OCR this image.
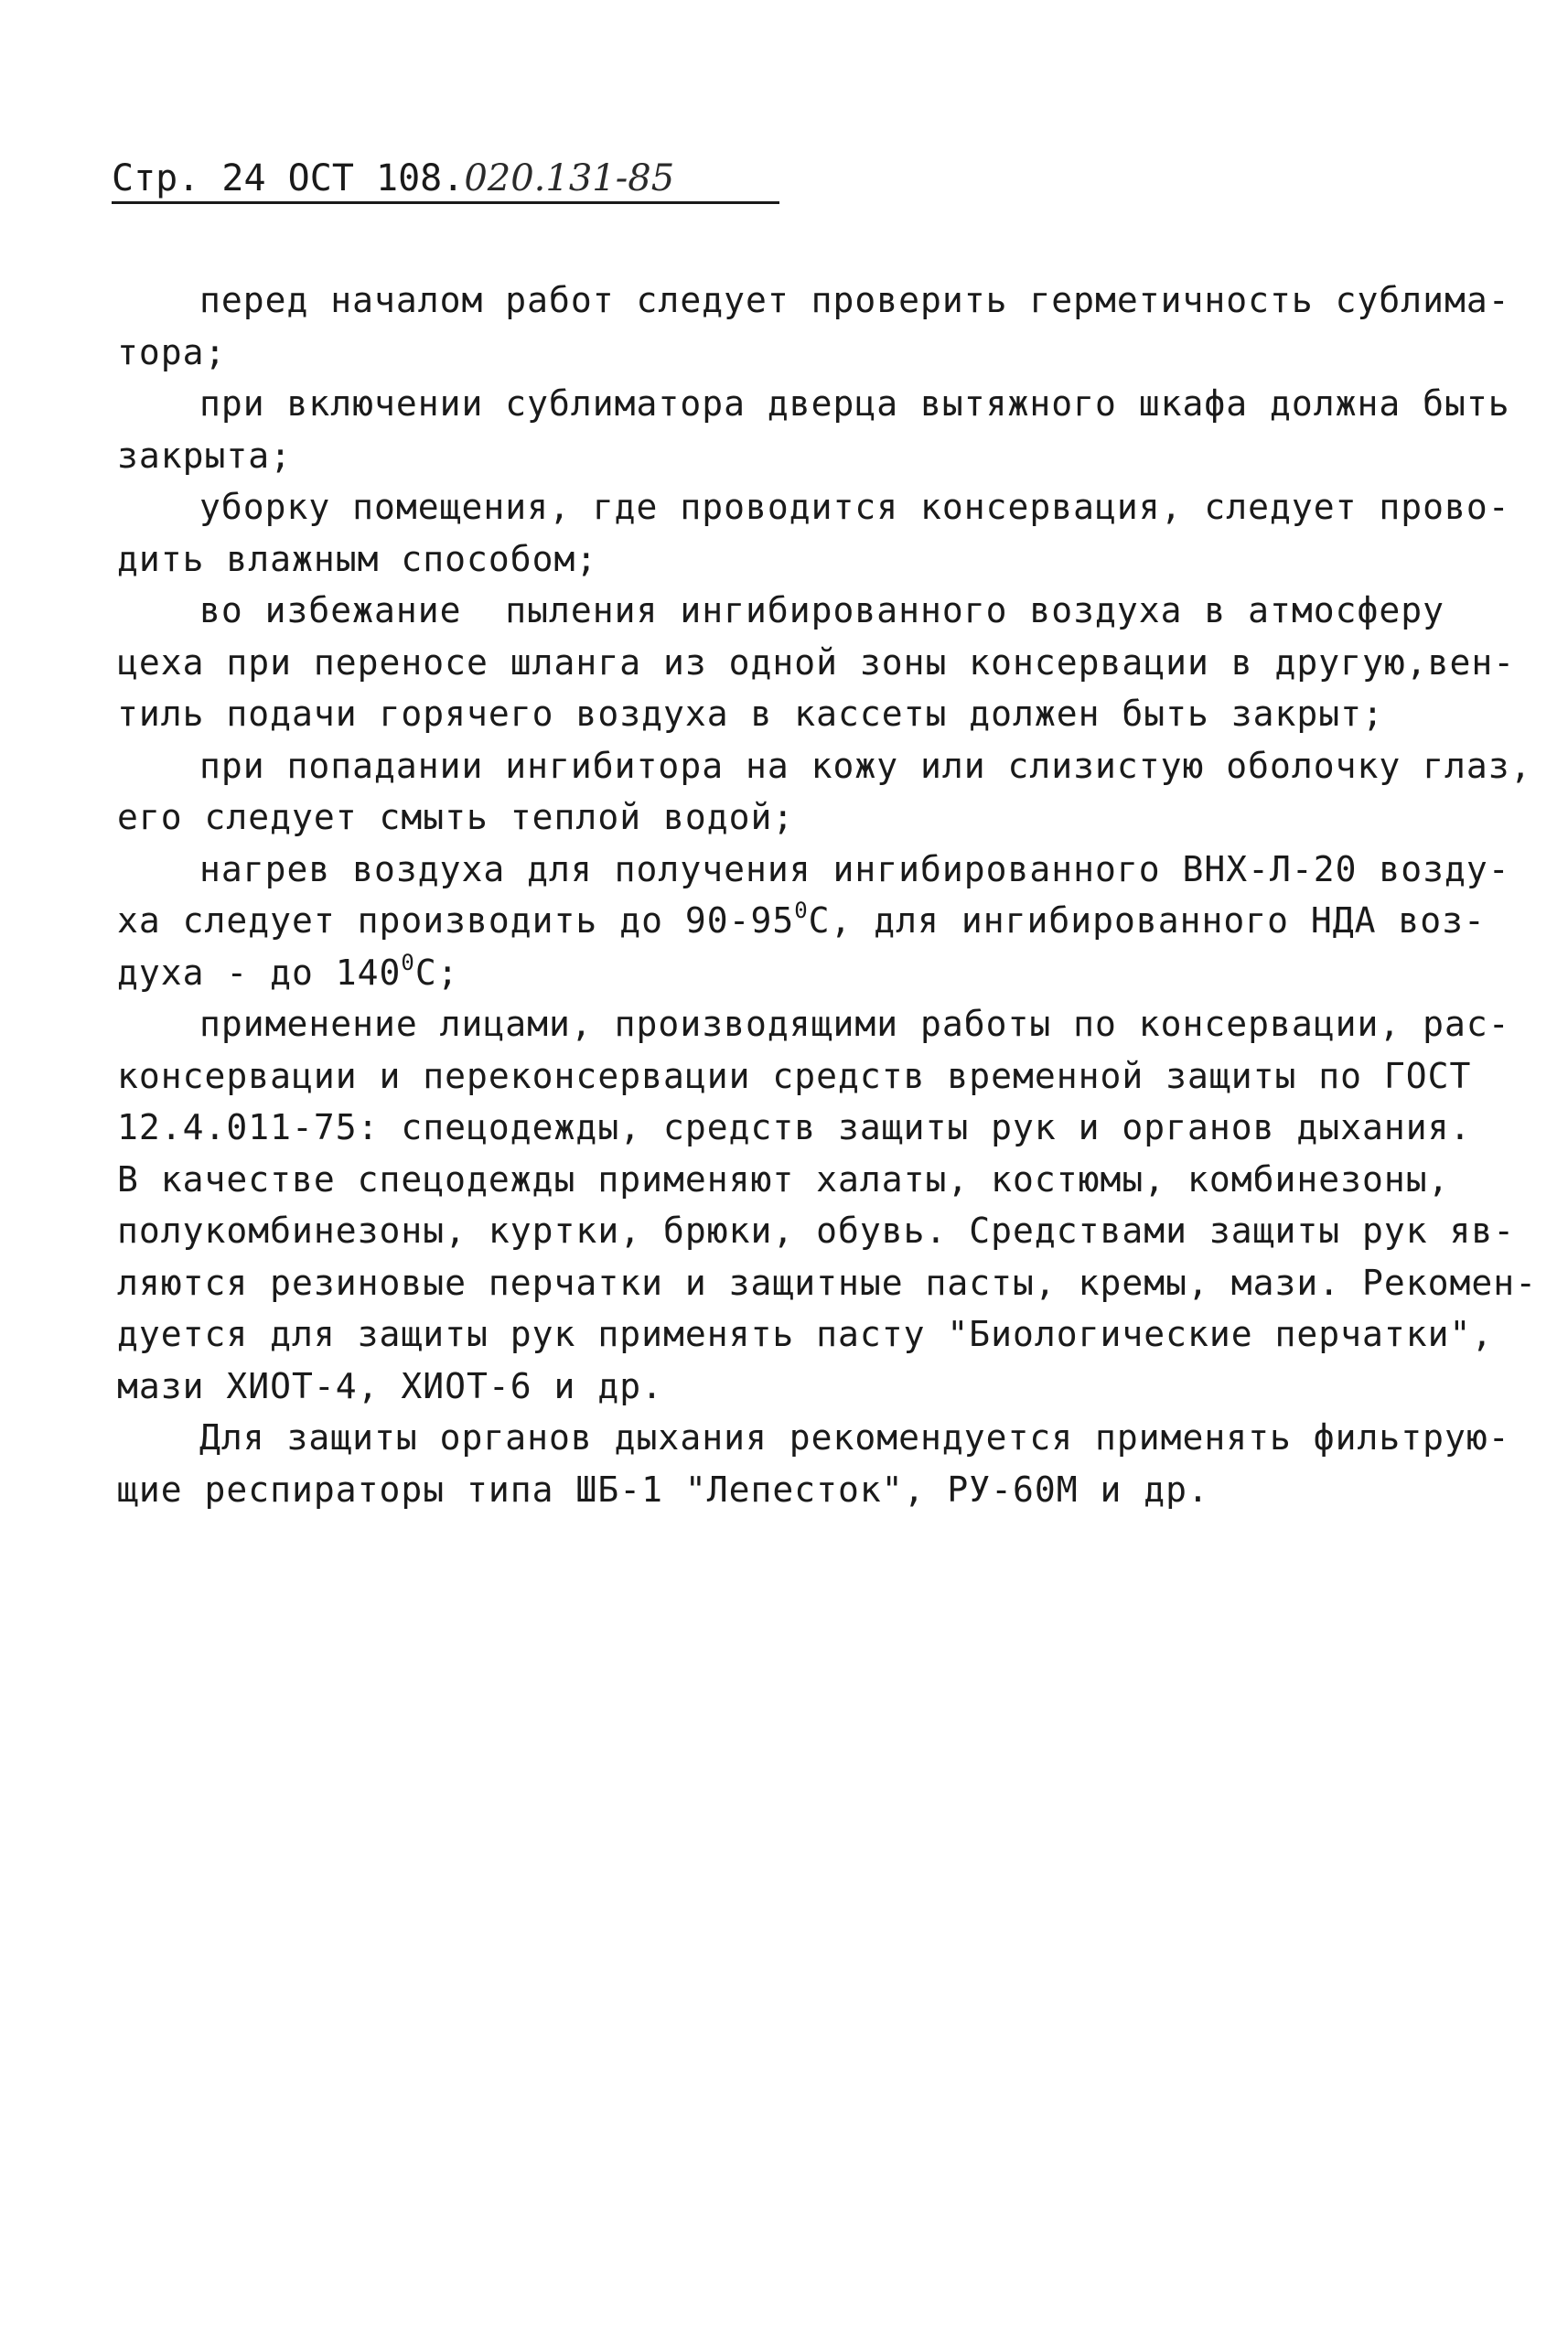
Стр. 24 ОСТ 108.020.131-85
перед началом работ следует проверить герметичность сублима-
тора;
при включении сублиматора дверца вытяжного шкафа должна быть
закрыта;
уборку помещения, где проводится консервация, следует прово-
дить влажным способом;
во избежание  пыления ингибированного воздуха в атмосферу
цеха при переносе шланга из одной зоны консервации в другую,вен-
тиль подачи горячего воздуха в кассеты должен быть закрыт;
при попадании ингибитора на кожу или слизистую оболочку глаз,
его следует смыть теплой водой;
нагрев воздуха для получения ингибированного ВНХ-Л-20 возду-
ха следует производить до $90-95^0С$, для ингибированного НДА воз-
духа - до $140^0С$;
применение лицами, производящими работы по консервации, рас-
консервации и переконсервации средств временной защиты по ГОСТ
12.4.011-75: спецодежды, средств защиты рук и органов дыхания.
В качестве спецодежды применяют халаты, костюмы, комбинезоны,
полукомбинезоны, куртки, брюки, обувь. Средствами защиты рук яв-
ляются резиновые перчатки и защитные пасты, кремы, мази. Рекомен-
дуется для защиты рук применять пасту "Биологические перчатки",
мази ХИОТ-4, ХИОТ-6 и др.
Для защиты органов дыхания рекомендуется применять фильтрую-
щие респираторы типа ШБ-1 "Лепесток", РУ-60М и др.
